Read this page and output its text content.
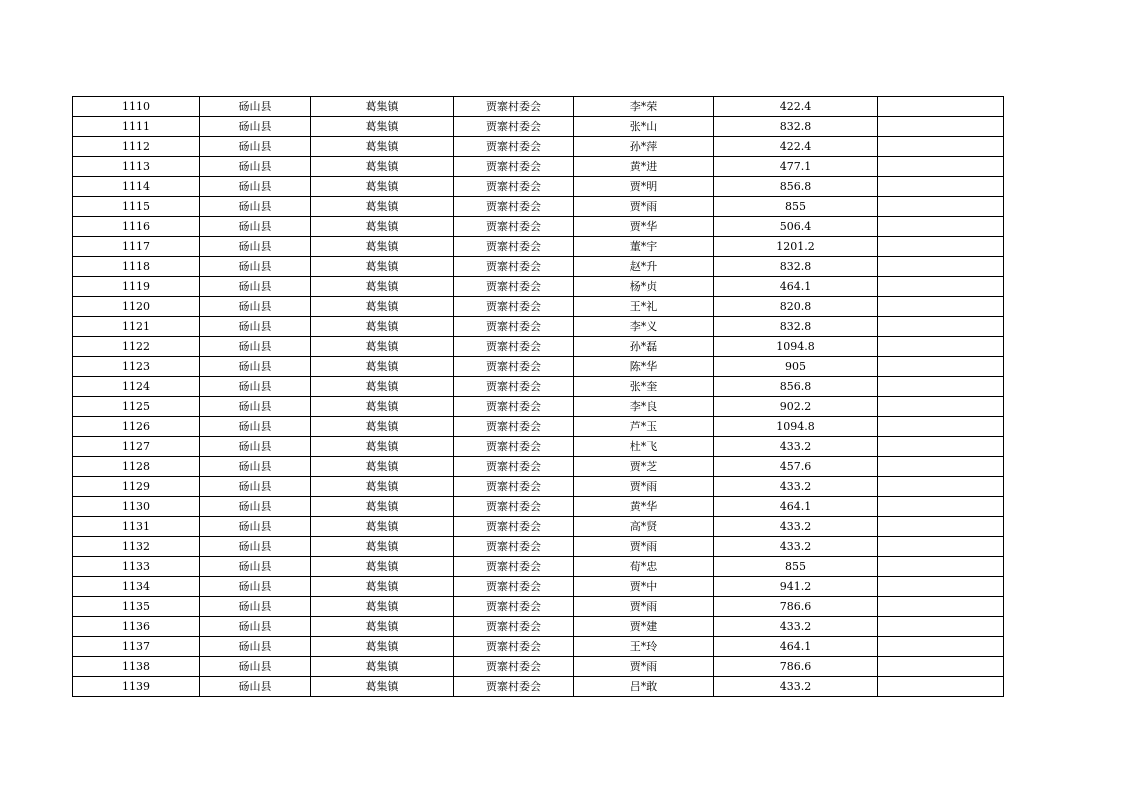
1110	砀山县	葛集镇	贾寨村委会	李*荣	422.4	
1111	砀山县	葛集镇	贾寨村委会	张*山	832.8	
1112	砀山县	葛集镇	贾寨村委会	孙*萍	422.4	
1113	砀山县	葛集镇	贾寨村委会	黄*进	477.1	
1114	砀山县	葛集镇	贾寨村委会	贾*明	856.8	
1115	砀山县	葛集镇	贾寨村委会	贾*雨	855	
1116	砀山县	葛集镇	贾寨村委会	贾*华	506.4	
1117	砀山县	葛集镇	贾寨村委会	董*宇	1201.2	
1118	砀山县	葛集镇	贾寨村委会	赵*升	832.8	
1119	砀山县	葛集镇	贾寨村委会	杨*贞	464.1	
1120	砀山县	葛集镇	贾寨村委会	王*礼	820.8	
1121	砀山县	葛集镇	贾寨村委会	李*义	832.8	
1122	砀山县	葛集镇	贾寨村委会	孙*磊	1094.8	
1123	砀山县	葛集镇	贾寨村委会	陈*华	905	
1124	砀山县	葛集镇	贾寨村委会	张*奎	856.8	
1125	砀山县	葛集镇	贾寨村委会	李*良	902.2	
1126	砀山县	葛集镇	贾寨村委会	芦*玉	1094.8	
1127	砀山县	葛集镇	贾寨村委会	杜*飞	433.2	
1128	砀山县	葛集镇	贾寨村委会	贾*芝	457.6	
1129	砀山县	葛集镇	贾寨村委会	贾*雨	433.2	
1130	砀山县	葛集镇	贾寨村委会	黄*华	464.1	
1131	砀山县	葛集镇	贾寨村委会	高*贤	433.2	
1132	砀山县	葛集镇	贾寨村委会	贾*雨	433.2	
1133	砀山县	葛集镇	贾寨村委会	荀*忠	855	
1134	砀山县	葛集镇	贾寨村委会	贾*中	941.2	
1135	砀山县	葛集镇	贾寨村委会	贾*雨	786.6	
1136	砀山县	葛集镇	贾寨村委会	贾*建	433.2	
1137	砀山县	葛集镇	贾寨村委会	王*玲	464.1	
1138	砀山县	葛集镇	贾寨村委会	贾*雨	786.6	
1139	砀山县	葛集镇	贾寨村委会	吕*敢	433.2	
